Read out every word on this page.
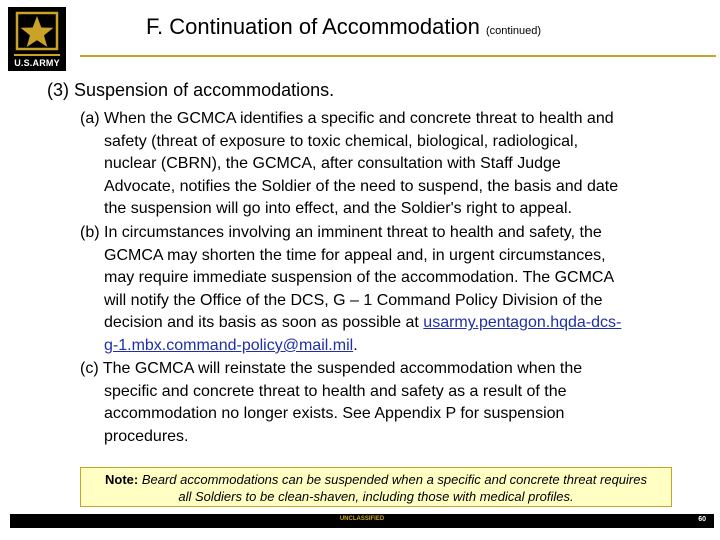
U.S.ARMY
F. Continuation of Accommodation (continued)
(3) Suspension of accommodations.
(a) When the GCMCA identifies a specific and concrete threat to health and
safety (threat of exposure to toxic chemical, biological, radiological,
nuclear (CBRN), the GCMCA, after consultation with Staff Judge
Advocate, notifies the Soldier of the need to suspend, the basis and date
the suspension will go into effect, and the Soldier's right to appeal.
(b) In circumstances involving an imminent threat to health and safety, the
GCMCA may shorten the time for appeal and, in urgent circumstances,
may require immediate suspension of the accommodation. The GCMCA
will notify the Office of the DCS, G – 1 Command Policy Division of the
decision and its basis as soon as possible at usarmy.pentagon.hqda-dcs-
g-1.mbx.command-policy@mail.mil.
(c) The GCMCA will reinstate the suspended accommodation when the
specific and concrete threat to health and safety as a result of the
accommodation no longer exists. See Appendix P for suspension
procedures.
Note: Beard accommodations can be suspended when a specific and concrete threat requires
all Soldiers to be clean-shaven, including those with medical profiles.
UNCLASSIFIED	60
